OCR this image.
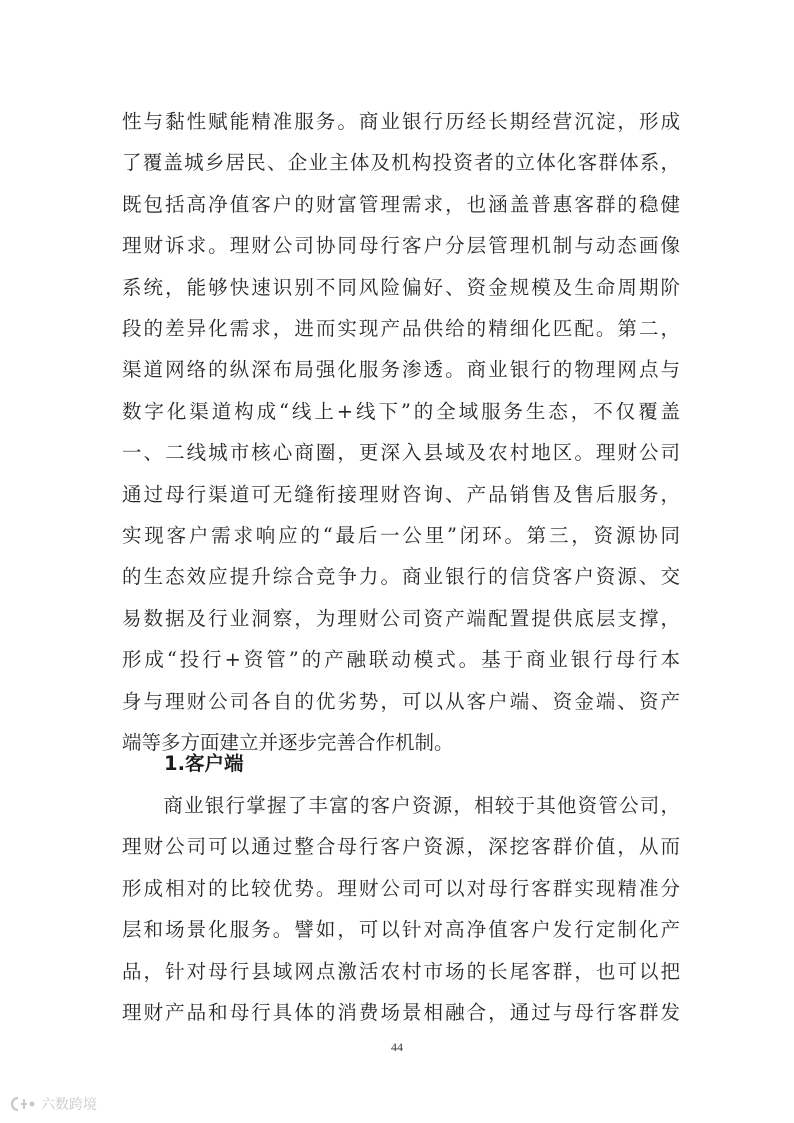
性与黏性赋能精准服务。商业银行历经长期经营沉淀，形成
了覆盖城乡居民、企业主体及机构投资者的立体化客群体系，
既包括高净值客户的财富管理需求，也涵盖普惠客群的稳健
理财诉求。理财公司协同母行客户分层管理机制与动态画像
系统，能够快速识别不同风险偏好、资金规模及生命周期阶
段的差异化需求，进而实现产品供给的精细化匹配。第二，
渠道网络的纵深布局强化服务渗透。商业银行的物理网点与
数字化渠道构成“线上+线下”的全域服务生态，不仅覆盖
一、二线城市核心商圈，更深入县域及农村地区。理财公司
通过母行渠道可无缝衔接理财咨询、产品销售及售后服务，
实现客户需求响应的“最后一公里”闭环。第三，资源协同
的生态效应提升综合竞争力。商业银行的信贷客户资源、交
易数据及行业洞察，为理财公司资产端配置提供底层支撑，
形成“投行+资管”的产融联动模式。基于商业银行母行本
身与理财公司各自的优劣势，可以从客户端、资金端、资产
端等多方面建立并逐步完善合作机制。

1.客户端

　　商业银行掌握了丰富的客户资源，相较于其他资管公司，
理财公司可以通过整合母行客户资源，深挖客群价值，从而
形成相对的比较优势。理财公司可以对母行客群实现精准分
层和场景化服务。譬如，可以针对高净值客户发行定制化产
品，针对母行县域网点激活农村市场的长尾客群，也可以把
理财产品和母行具体的消费场景相融合，通过与母行客群发

44
六数跨境
